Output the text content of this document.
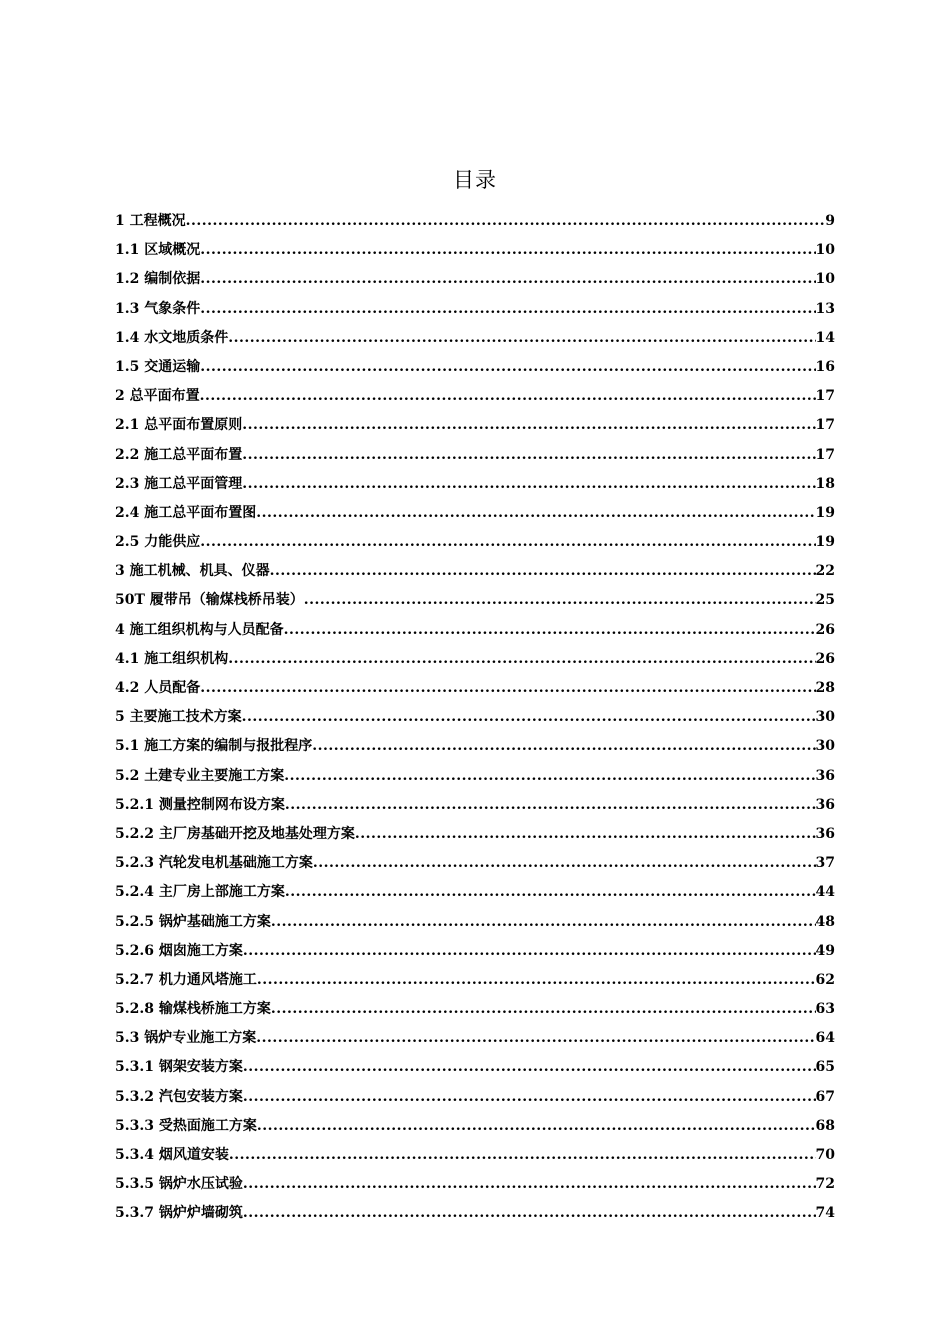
目录
1 工程概况 .....	9
1.1 区域概况 .....	10
1.2 编制依据 .....	10
1.3 气象条件 .....	13
1.4 水文地质条件 .....	14
1.5 交通运输 .....	16
2 总平面布置 .....	17
2.1 总平面布置原则 .....	17
2.2 施工总平面布置 .....	17
2.3 施工总平面管理 .....	18
2.4 施工总平面布置图 .....	19
2.5 力能供应 .....	19
3 施工机械、机具、仪器 .....	22
50T 履带吊（输煤栈桥吊装） .....	25
4 施工组织机构与人员配备 .....	26
4.1 施工组织机构 .....	26
4.2 人员配备 .....	28
5 主要施工技术方案 .....	30
5.1 施工方案的编制与报批程序 .....	30
5.2 土建专业主要施工方案 .....	36
5.2.1 测量控制网布设方案 .....	36
5.2.2 主厂房基础开挖及地基处理方案 .....	36
5.2.3 汽轮发电机基础施工方案 .....	37
5.2.4 主厂房上部施工方案 .....	44
5.2.5 锅炉基础施工方案 .....	48
5.2.6 烟囱施工方案 .....	49
5.2.7 机力通风塔施工 .....	62
5.2.8 输煤栈桥施工方案 .....	63
5.3 锅炉专业施工方案 .....	64
5.3.1 钢架安装方案 .....	65
5.3.2 汽包安装方案 .....	67
5.3.3 受热面施工方案 .....	68
5.3.4 烟风道安装 .....	70
5.3.5 锅炉水压试验 .....	72
5.3.7 锅炉炉墙砌筑 .....	74
